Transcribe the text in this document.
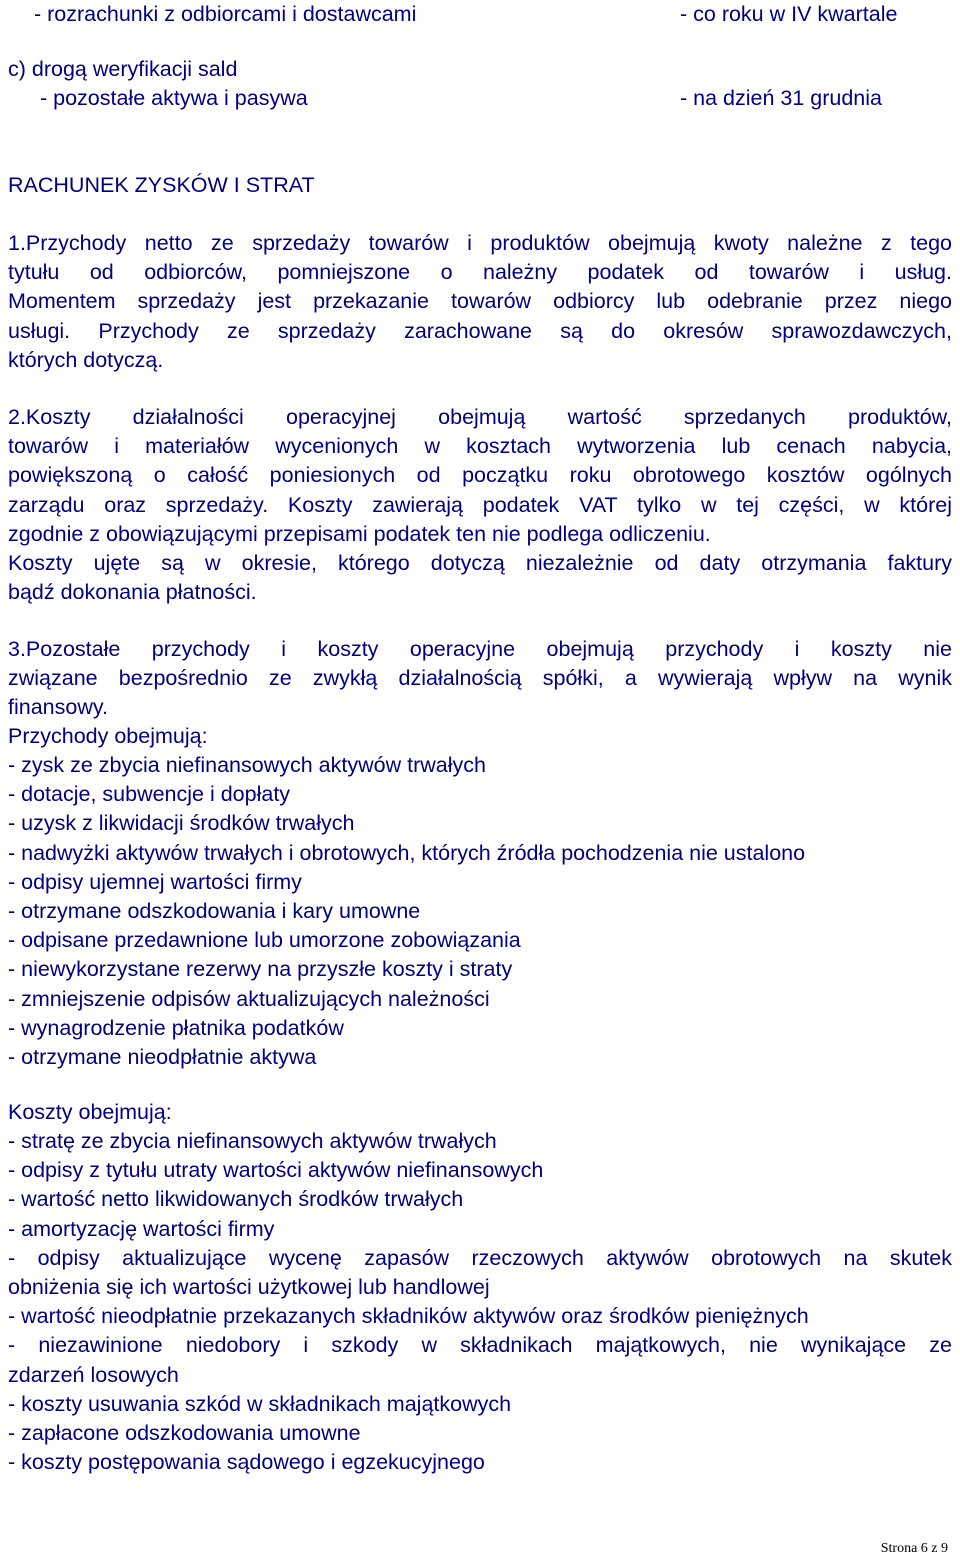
- rozrachunki z odbiorcami i dostawcami	- co roku w IV kwartale
c) drogą weryfikacji sald
- pozostałe aktywa i pasywa	- na dzień 31 grudnia
RACHUNEK ZYSKÓW I STRAT
1.Przychody netto ze sprzedaży towarów i produktów obejmują kwoty należne z tego
tytułu od odbiorców, pomniejszone o należny podatek od towarów i usług.
Momentem sprzedaży jest przekazanie towarów odbiorcy lub odebranie przez niego
usługi. Przychody ze sprzedaży zarachowane są do okresów sprawozdawczych,
których dotyczą.
2.Koszty działalności operacyjnej obejmują wartość sprzedanych produktów,
towarów i materiałów wycenionych w kosztach wytworzenia lub cenach nabycia,
powiększoną o całość poniesionych od początku roku obrotowego kosztów ogólnych
zarządu oraz sprzedaży. Koszty zawierają podatek VAT tylko w tej części, w której
zgodnie z obowiązującymi przepisami podatek ten nie podlega odliczeniu.
Koszty ujęte są w okresie, którego dotyczą niezależnie od daty otrzymania faktury
bądź dokonania płatności.
3.Pozostałe przychody i koszty operacyjne obejmują przychody i koszty nie
związane bezpośrednio ze zwykłą działalnością spółki, a wywierają wpływ na wynik
finansowy.
Przychody obejmują:
- zysk ze zbycia niefinansowych aktywów trwałych
- dotacje, subwencje i dopłaty
- uzysk z likwidacji środków trwałych
- nadwyżki aktywów trwałych i obrotowych, których źródła pochodzenia nie ustalono
- odpisy ujemnej wartości firmy
- otrzymane odszkodowania i kary umowne
- odpisane przedawnione lub umorzone zobowiązania
- niewykorzystane rezerwy na przyszłe koszty i straty
- zmniejszenie odpisów aktualizujących należności
- wynagrodzenie płatnika podatków
- otrzymane nieodpłatnie aktywa
Koszty obejmują:
- stratę ze zbycia niefinansowych aktywów trwałych
- odpisy z tytułu utraty wartości aktywów niefinansowych
- wartość netto likwidowanych środków trwałych
- amortyzację wartości firmy
- odpisy aktualizujące wycenę zapasów rzeczowych aktywów obrotowych na skutek
obniżenia się ich wartości użytkowej lub handlowej
- wartość nieodpłatnie przekazanych składników aktywów oraz środków pieniężnych
- niezawinione niedobory i szkody w składnikach majątkowych, nie wynikające ze
zdarzeń losowych
- koszty usuwania szkód w składnikach majątkowych
- zapłacone odszkodowania umowne
- koszty postępowania sądowego i egzekucyjnego
Strona 6 z 9
